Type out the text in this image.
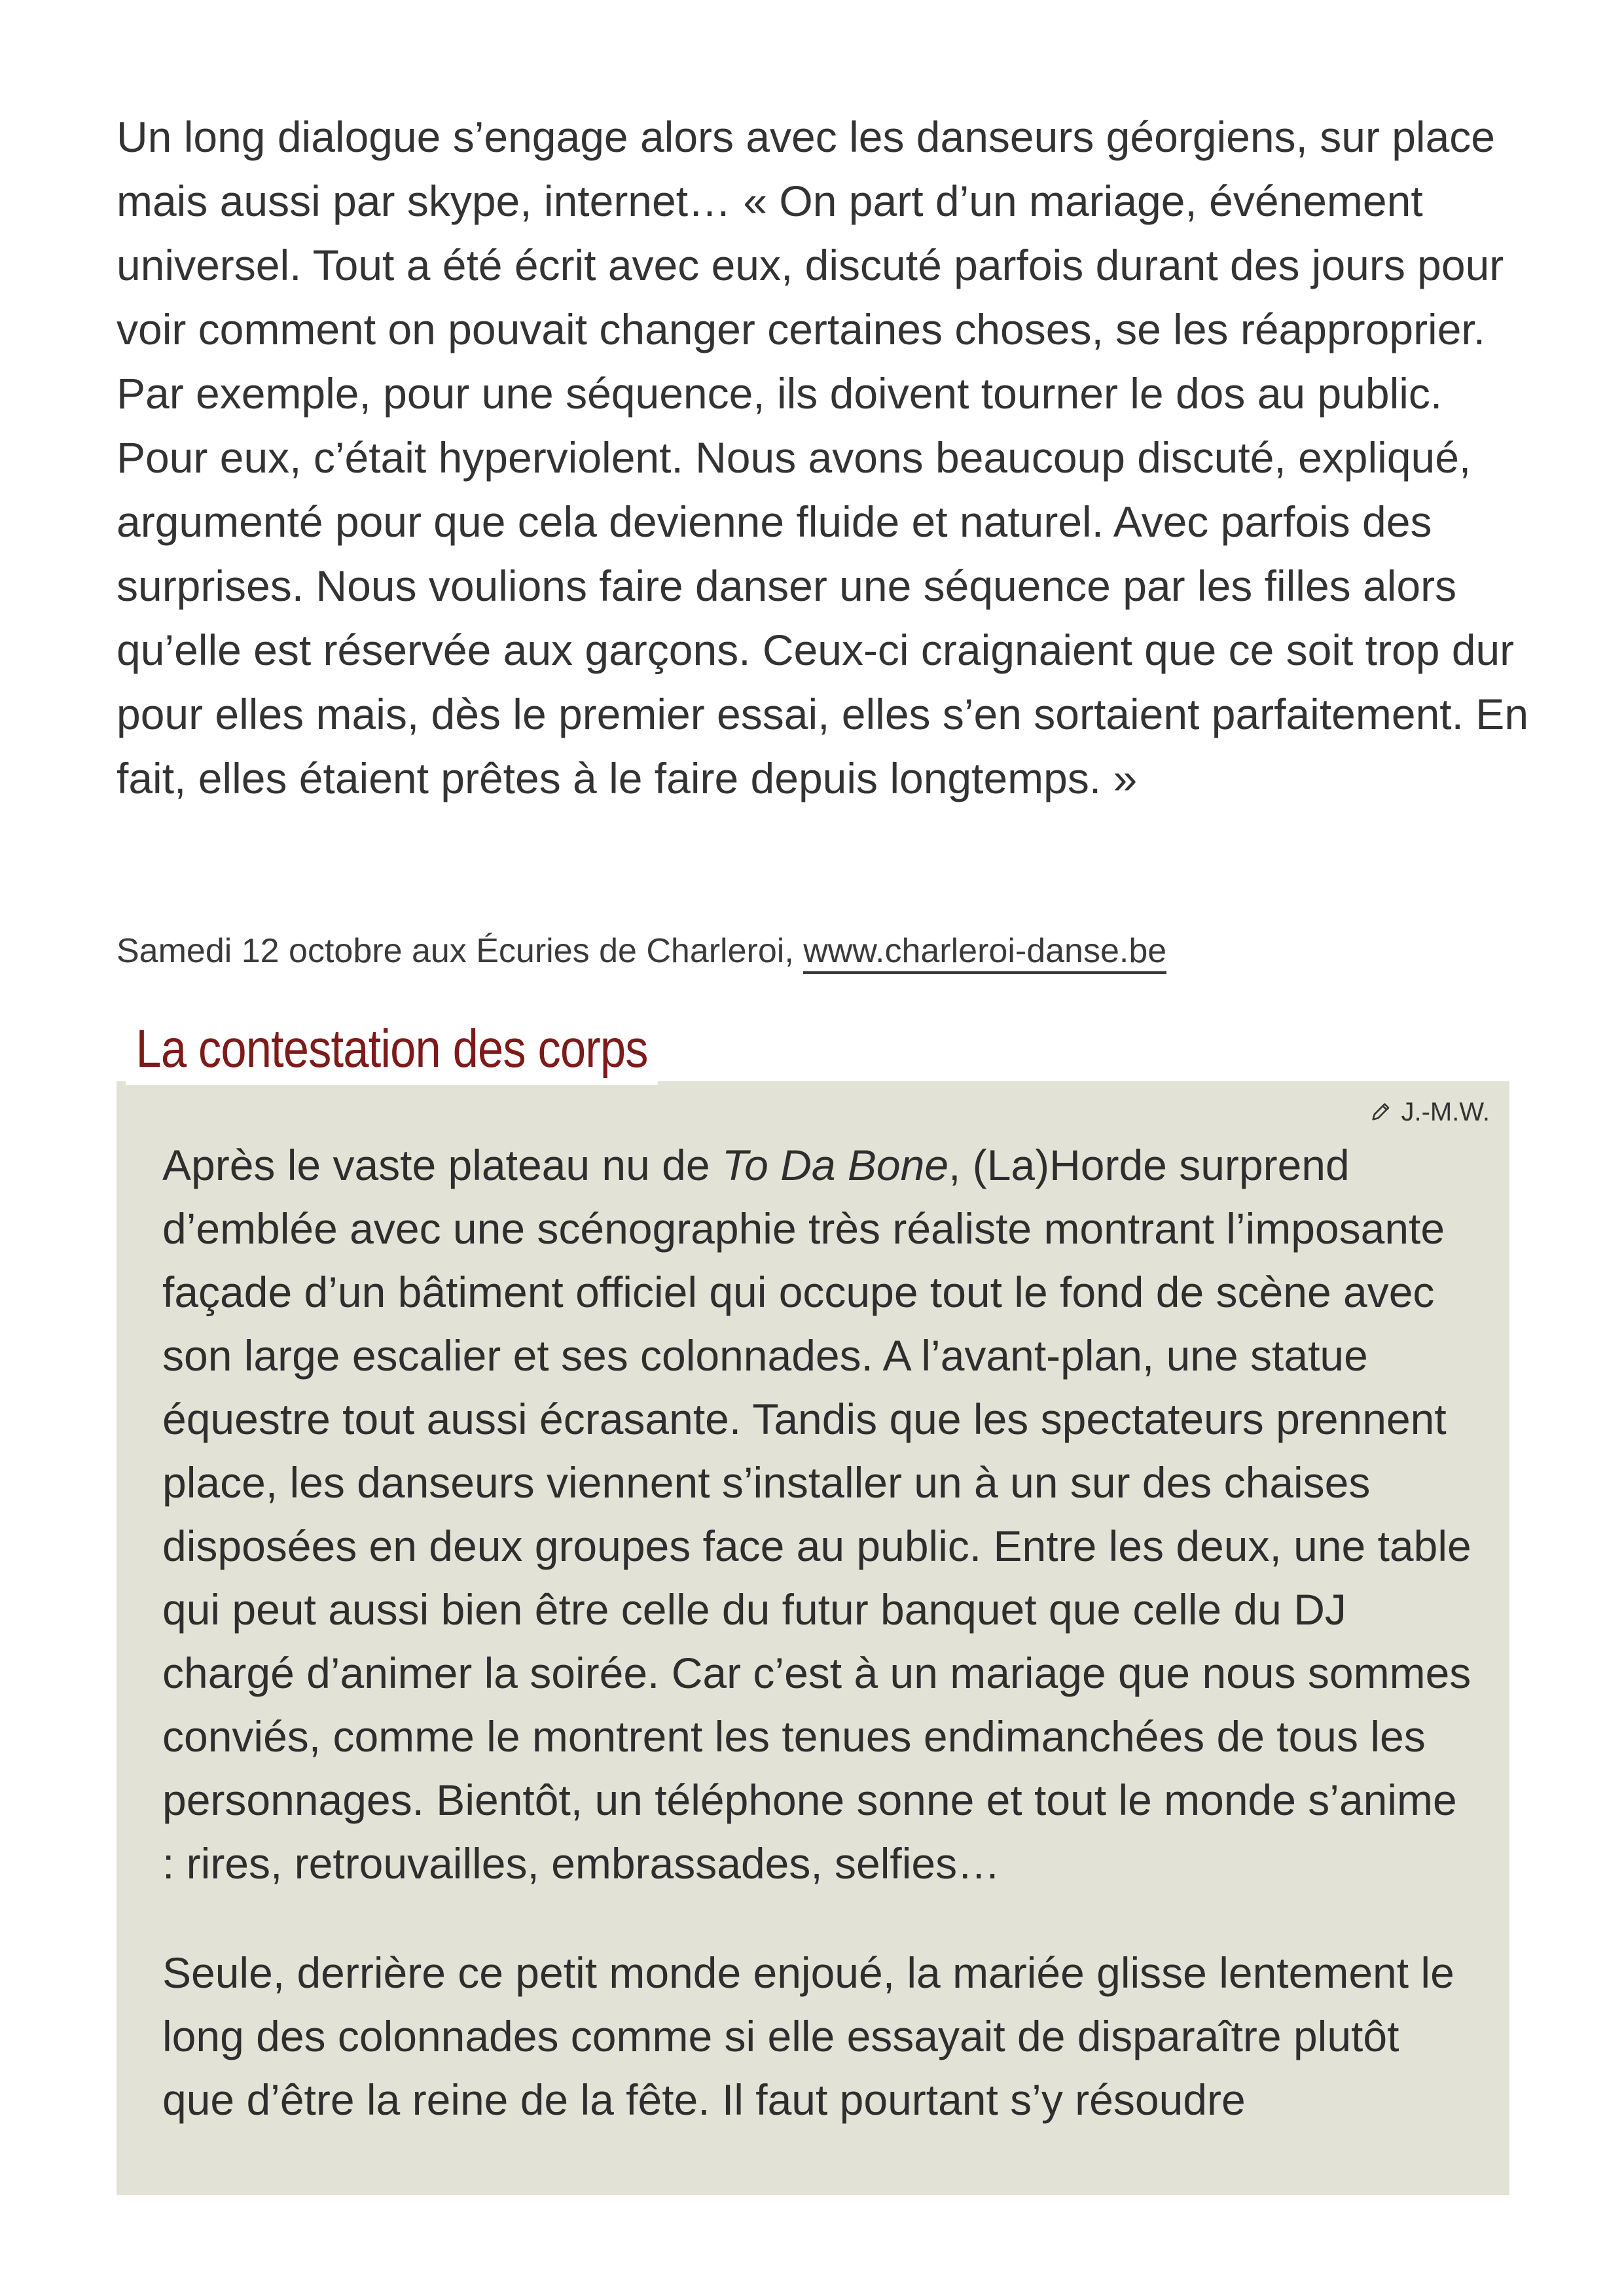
Un long dialogue s’engage alors avec les danseurs géorgiens, sur place mais aussi par skype, internet… « On part d’un mariage, événement universel. Tout a été écrit avec eux, discuté parfois durant des jours pour voir comment on pouvait changer certaines choses, se les réapproprier. Par exemple, pour une séquence, ils doivent tourner le dos au public. Pour eux, c’était hyperviolent. Nous avons beaucoup discuté, expliqué, argumenté pour que cela devienne fluide et naturel. Avec parfois des surprises. Nous voulions faire danser une séquence par les filles alors qu’elle est réservée aux garçons. Ceux-ci craignaient que ce soit trop dur pour elles mais, dès le premier essai, elles s’en sortaient parfaitement. En fait, elles étaient prêtes à le faire depuis longtemps. »

Samedi 12 octobre aux Écuries de Charleroi, www.charleroi-danse.be

J.-M.W.

Après le vaste plateau nu de To Da Bone, (La)Horde surprend d’emblée avec une scénographie très réaliste montrant l’imposante façade d’un bâtiment officiel qui occupe tout le fond de scène avec son large escalier et ses colonnades. A l’avant-plan, une statue équestre tout aussi écrasante. Tandis que les spectateurs prennent place, les danseurs viennent s’installer un à un sur des chaises disposées en deux groupes face au public. Entre les deux, une table qui peut aussi bien être celle du futur banquet que celle du DJ chargé d’animer la soirée. Car c’est à un mariage que nous sommes conviés, comme le montrent les tenues endimanchées de tous les personnages. Bientôt, un téléphone sonne et tout le monde s’anime : rires, retrouvailles, embrassades, selfies…

Seule, derrière ce petit monde enjoué, la mariée glisse lentement le long des colonnades comme si elle essayait de disparaître plutôt que d’être la reine de la fête. Il faut pourtant s’y résoudre

La contestation des corps
